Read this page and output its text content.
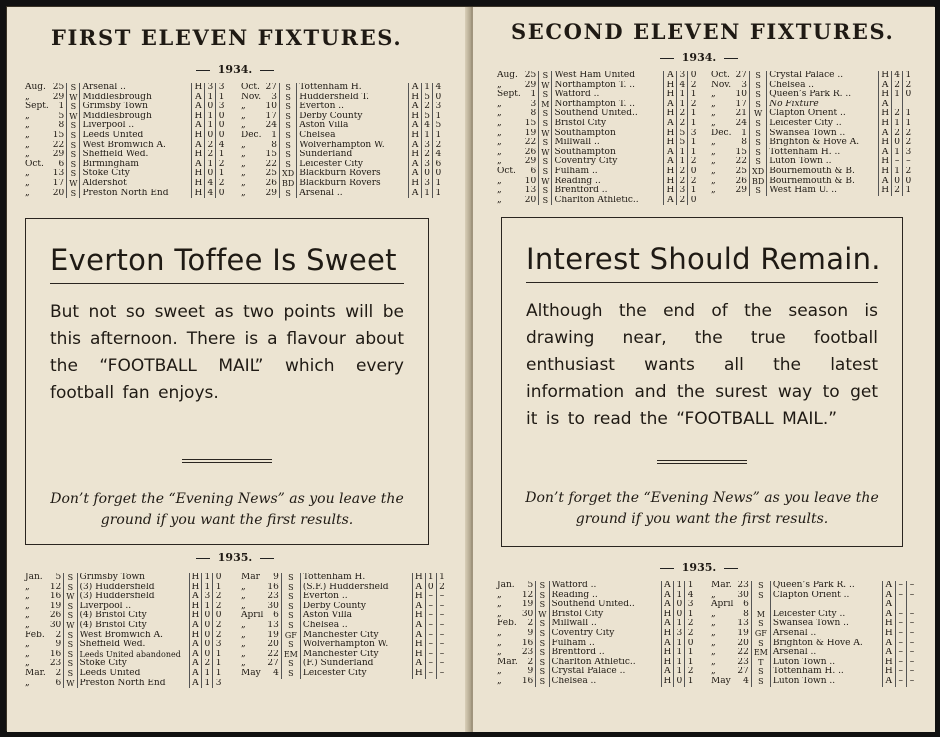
FIRST ELEVEN FIXTURES.
1934.
Aug.	25	S	Arsenal ..	H	3	3
„	29	W	Middlesbrough	A	1	1
Sept.	1	S	Grimsby Town	A	0	3
„	5	W	Middlesbrough	H	1	0
„	8	S	Liverpool ..	A	1	0
„	15	S	Leeds United	H	0	0
„	22	S	West Bromwich A.	A	2	4
„	29	S	Sheffield Wed.	H	2	1
Oct.	6	S	Birmingham	A	1	2
„	13	S	Stoke City	H	0	1
„	17	W	Aldershot	H	4	2
„	20	S	Preston North End	H	4	0
Oct.	27	S	Tottenham H.	A	1	4
Nov.	3	S	Huddersfield T.	H	5	0
„	10	S	Everton ..	A	2	3
„	17	S	Derby County	H	5	1
„	24	S	Aston Villa	A	4	5
Dec.	1	S	Chelsea	H	1	1
„	8	S	Wolverhampton W.	A	3	2
„	15	S	Sunderland	H	2	4
„	22	S	Leicester City	A	3	6
„	25	XD	Blackburn Rovers	A	0	0
„	26	BD	Blackburn Rovers	H	3	1
„	29	S	Arsenal ..	A	1	1
Everton Toffee Is Sweet
But not so sweet as two points will be this afternoon. There is a flavour about the “FOOTBALL MAIL” which every football fan enjoys.
Don’t forget the “Evening News” as you leave the ground if you want the first results.
1935.
Jan.	5	S	Grimsby Town	H	1	0
„	12	S	(3) Huddersfield	H	1	1
„	16	W	(3) Huddersfield	A	3	2
„	19	S	Liverpool ..	H	1	2
„	26	S	(4) Bristol City	H	0	0
„	30	W	(4) Bristol City	A	0	2
Feb.	2	S	West Bromwich A.	H	0	2
„	9	S	Sheffield Wed.	A	0	3
„	16	S	Leeds United abandoned	A	0	1
„	23	S	Stoke City	A	2	1
Mar.	2	S	Leeds United	A	1	1
„	6	W	Preston North End	A	1	3
Mar	9	S	Tottenham H.	H	1	1
„	16	S	(S.F.) Huddersfield	A	0	2
„	23	S	Everton ..	H	–	–
„	30	S	Derby County	A	–	–
April	6	S	Aston Villa	H	–	–
„	13	S	Chelsea ..	A	–	–
„	19	GF	Manchester City	A	–	–
„	20	S	Wolverhampton W.	H	–	–
„	22	EM	Manchester City	H	–	–
„	27	S	(F.) Sunderland	A	–	–
May	4	S	Leicester City	H	–	–

SECOND ELEVEN FIXTURES.
1934.
Aug.	25	S	West Ham United	A	3	0
„	29	W	Northampton T. ..	H	4	2
Sept.	1	S	Watford ..	H	1	1
„	3	M	Northampton T. ..	A	1	2
„	8	S	Southend United..	H	2	1
„	15	S	Bristol City	A	2	1
„	19	W	Southampton	H	5	3
„	22	S	Millwall ..	H	5	1
„	26	W	Southampton	A	1	1
„	29	S	Coventry City	A	1	2
Oct.	6	S	Fulham ..	H	2	0
„	10	W	Reading ..	H	2	2
„	13	S	Brentford ..	H	3	1
„	20	S	Charlton Athletic..	A	2	0
Oct.	27	S	Crystal Palace ..	H	4	1
Nov.	3	S	Chelsea ..	A	2	2
„	10	S	Queen’s Park R. ..	H	1	0
„	17	S	No Fixture	A		
„	21	W	Clapton Orient ..	H	2	1
„	24	S	Leicester City ..	H	1	1
Dec.	1	S	Swansea Town ..	A	2	2
„	8	S	Brighton & Hove A.	H	0	2
„	15	S	Tottenham H. ..	A	1	3
„	22	S	Luton Town ..	H	–	–
„	25	XD	Bournemouth & B.	H	1	2
„	26	BD	Bournemouth & B.	A	0	0
„	29	S	West Ham U. ..	H	2	1
Interest Should Remain.
Although the end of the season is drawing near, the true football enthusiast wants all the latest information and the surest way to get it is to read the “FOOTBALL MAIL.”
Don’t forget the “Evening News” as you leave the ground if you want the first results.
1935.
Jan.	5	S	Watford ..	A	1	1
„	12	S	Reading ..	A	1	4
„	19	S	Southend United..	A	0	3
„	30	W	Bristol City	H	0	1
Feb.	2	S	Millwall ..	A	1	2
„	9	S	Coventry City	H	3	2
„	16	S	Fulham ..	A	1	0
„	23	S	Brentford ..	H	1	1
Mar.	2	S	Charlton Athletic..	H	1	1
„	9	S	Crystal Palace ..	A	1	2
„	16	S	Chelsea ..	H	0	1
Mar.	23	S	Queen’s Park R. ..	A	–	–
„	30	S	Clapton Orient ..	A	–	–
April	6			A		
„	8	M	Leicester City ..	A	–	–
„	13	S	Swansea Town ..	H	–	–
„	19	GF	Arsenal ..	H	–	–
„	20	S	Brighton & Hove A.	A	–	–
„	22	EM	Arsenal ..	A	–	–
„	23	T	Luton Town ..	H	–	–
„	27	S	Tottenham H. ..	H	–	–
May	4	S	Luton Town ..	A	–	–
